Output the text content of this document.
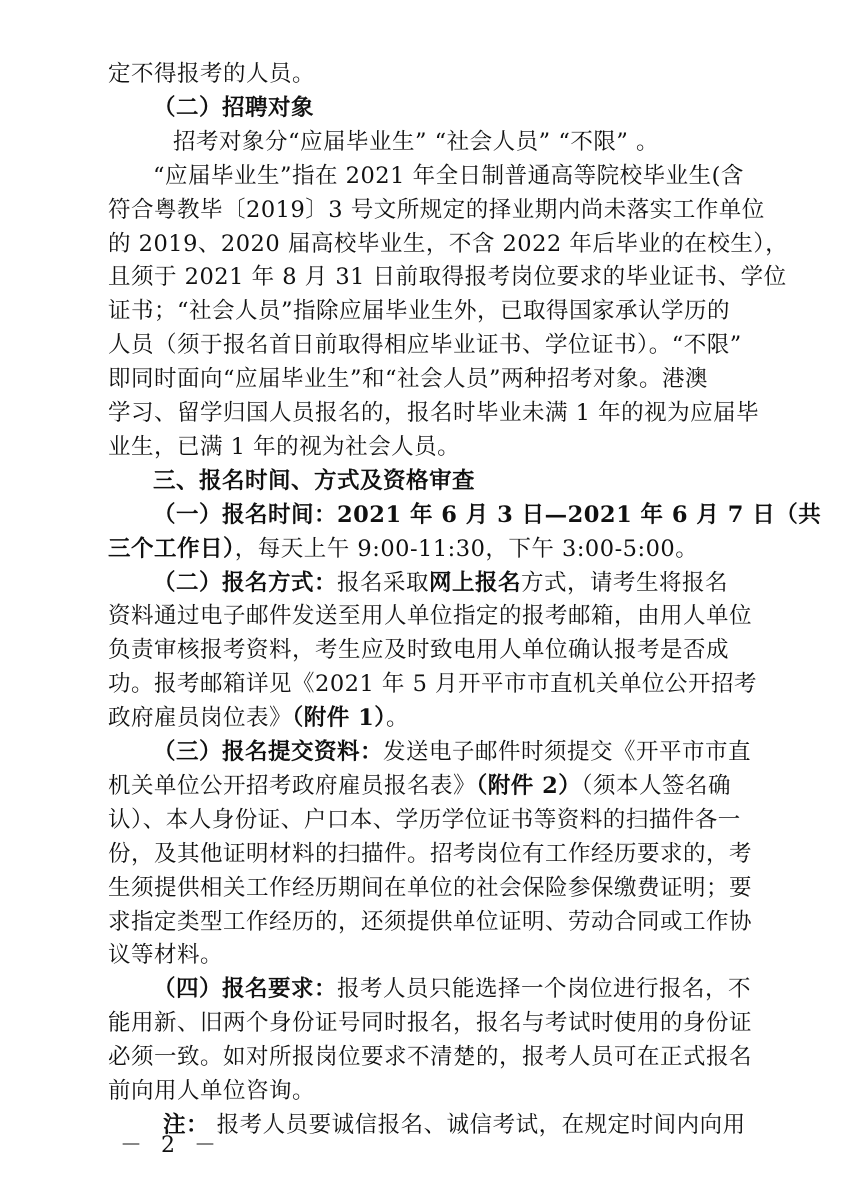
定不得报考的人员。
（二）招聘对象
招考对象分“应届毕业生” “社会人员” “不限” 。
“应届毕业生”指在 2021 年全日制普通高等院校毕业生(含
符合粤教毕〔2019〕3 号文所规定的择业期内尚未落实工作单位
的 2019、2020 届高校毕业生，不含 2022 年后毕业的在校生），
且须于 2021 年 8 月 31 日前取得报考岗位要求的毕业证书、学位
证书；“社会人员”指除应届毕业生外，已取得国家承认学历的
人员（须于报名首日前取得相应毕业证书、学位证书）。“不限”
即同时面向“应届毕业生”和“社会人员”两种招考对象。港澳
学习、留学归国人员报名的，报名时毕业未满 1 年的视为应届毕
业生，已满 1 年的视为社会人员。
三、报名时间、方式及资格审查
（一）报名时间：2021 年 6 月 3 日—2021 年 6 月 7 日（共
三个工作日），每天上午 9:00-11:30，下午 3:00-5:00。
（二）报名方式：报名采取网上报名方式，请考生将报名
资料通过电子邮件发送至用人单位指定的报考邮箱，由用人单位
负责审核报考资料，考生应及时致电用人单位确认报考是否成
功。报考邮箱详见《2021 年 5 月开平市市直机关单位公开招考
政府雇员岗位表》（附件 1）。
（三）报名提交资料：发送电子邮件时须提交《开平市市直
机关单位公开招考政府雇员报名表》（附件 2）（须本人签名确
认）、本人身份证、户口本、学历学位证书等资料的扫描件各一
份，及其他证明材料的扫描件。招考岗位有工作经历要求的，考
生须提供相关工作经历期间在单位的社会保险参保缴费证明；要
求指定类型工作经历的，还须提供单位证明、劳动合同或工作协
议等材料。
（四）报名要求：报考人员只能选择一个岗位进行报名，不
能用新、旧两个身份证号同时报名，报名与考试时使用的身份证
必须一致。如对所报岗位要求不清楚的，报考人员可在正式报名
前向用人单位咨询。
注： 报考人员要诚信报名、诚信考试，在规定时间内向用
－ 2 －
